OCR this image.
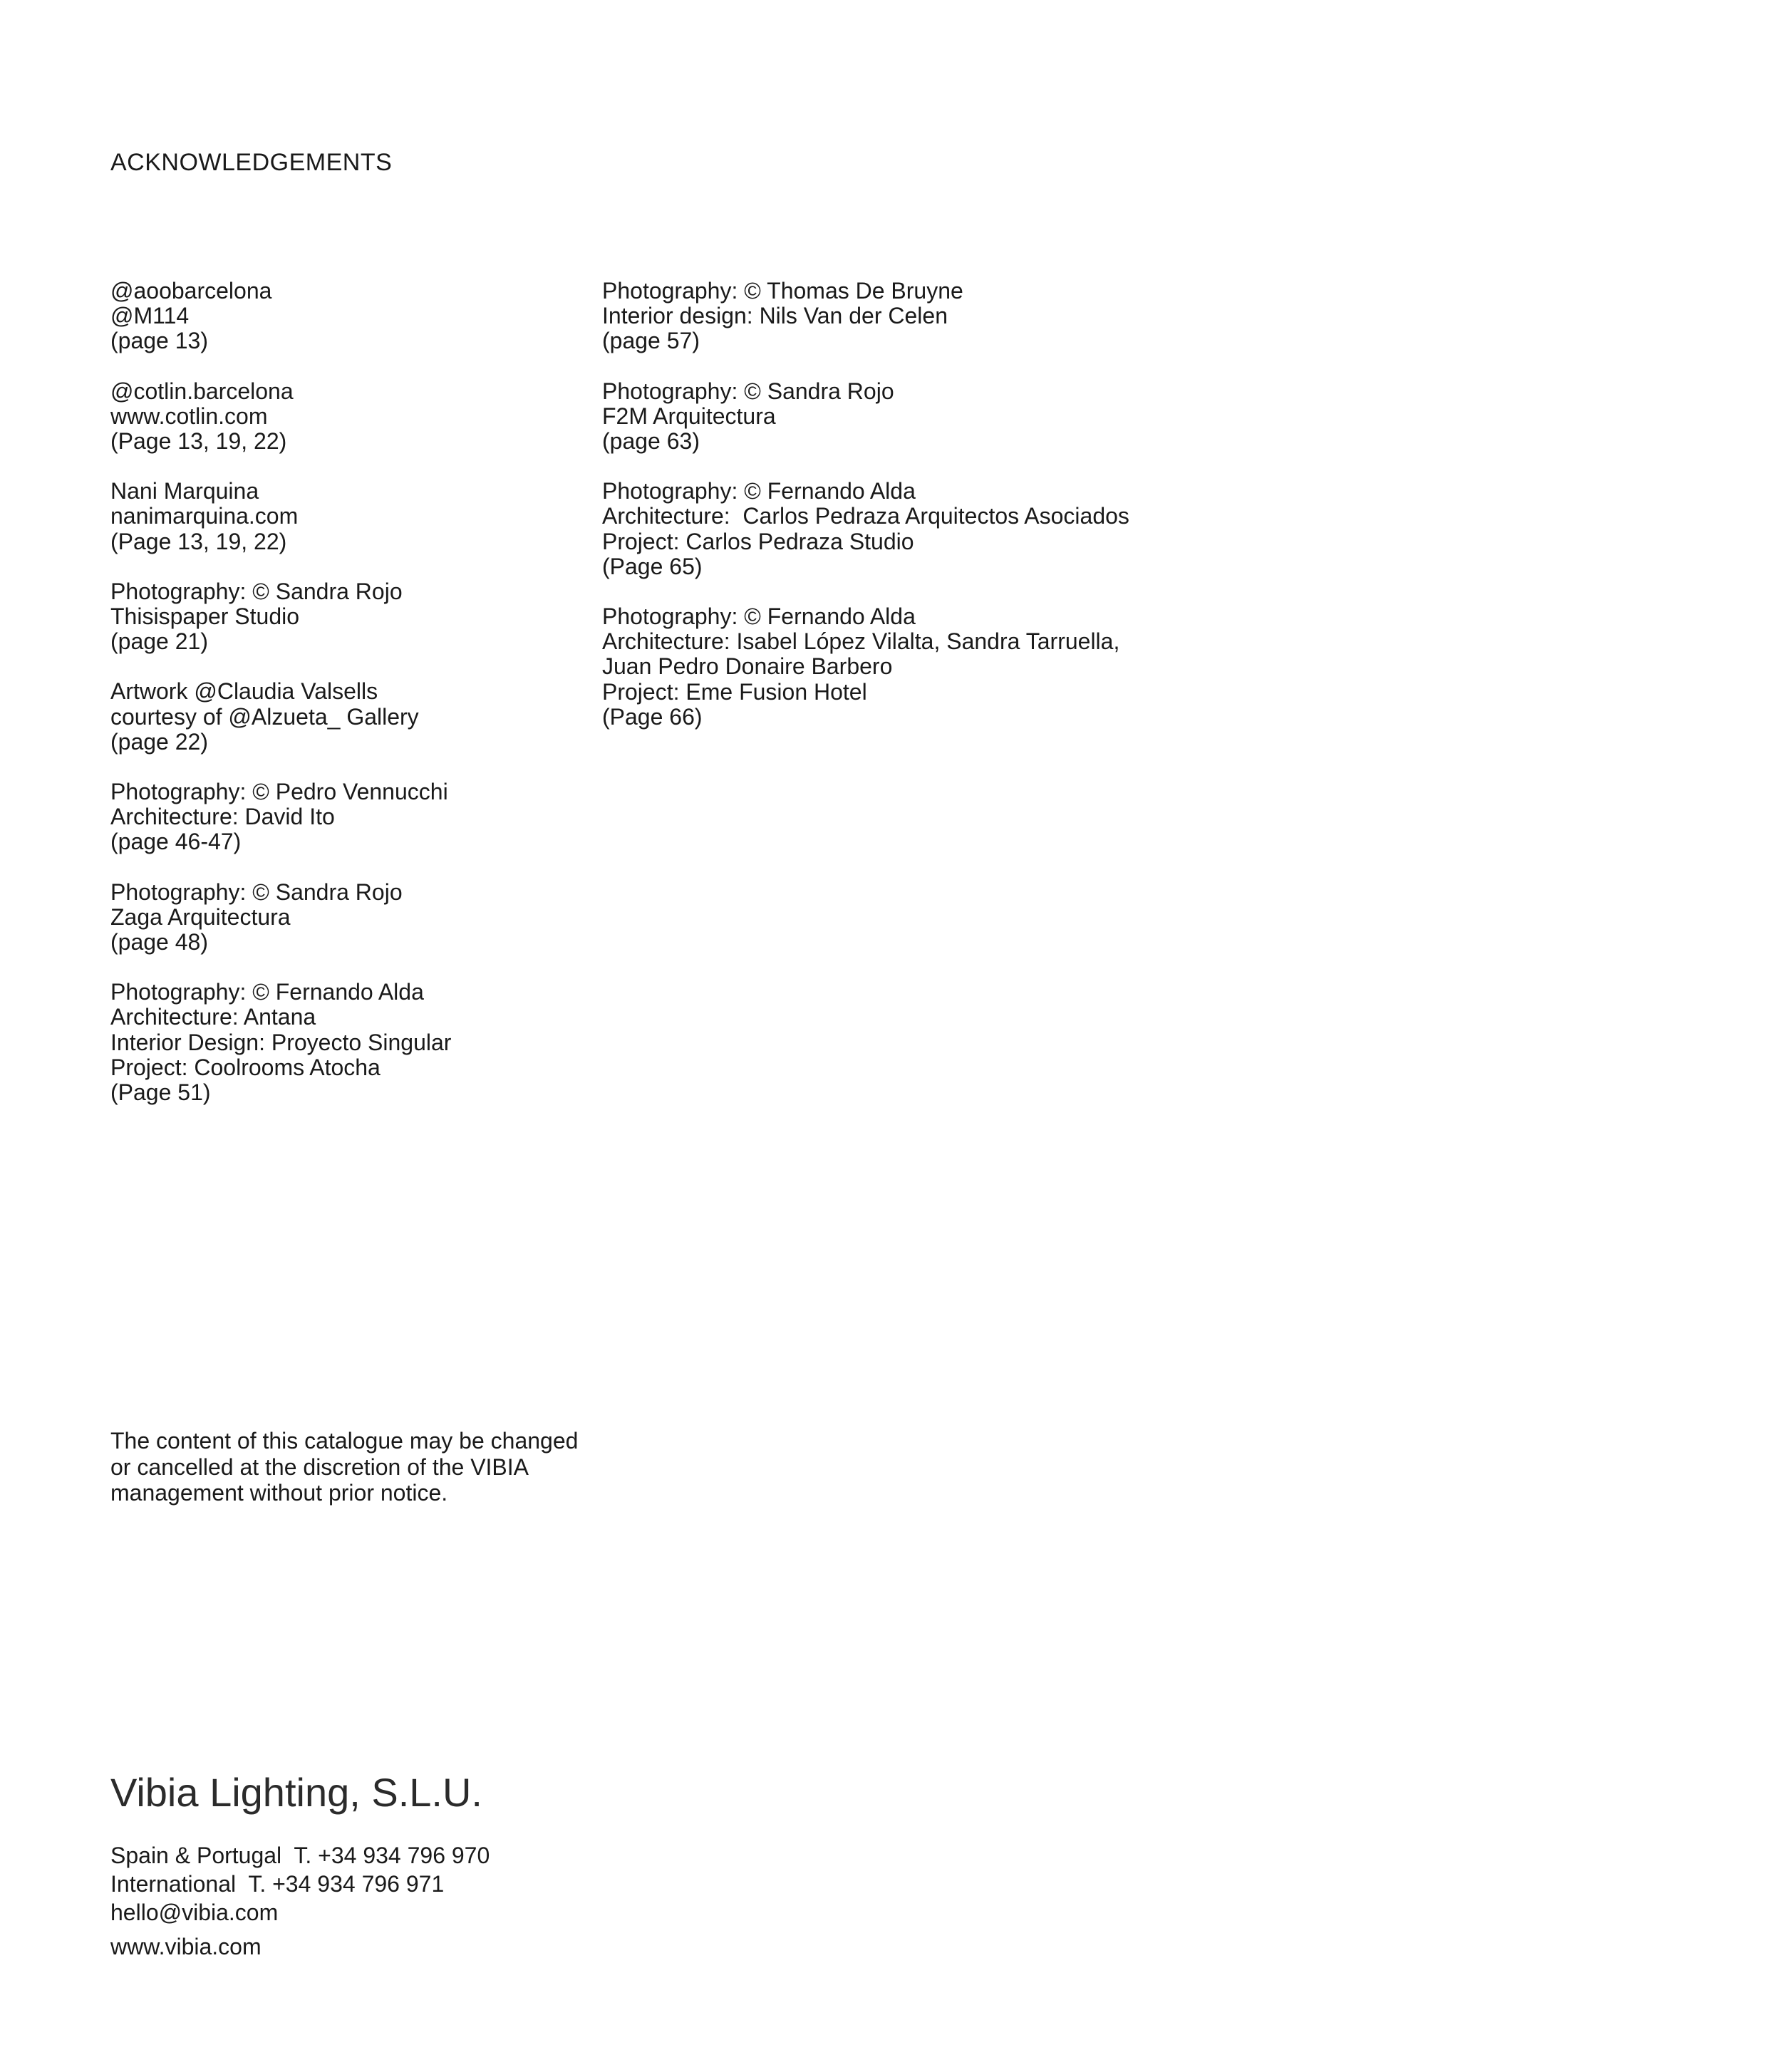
ACKNOWLEDGEMENTS
@aoobarcelona
@M114
(page 13)
@cotlin.barcelona
www.cotlin.com
(Page 13, 19, 22)
Nani Marquina
nanimarquina.com
(Page 13, 19, 22)
Photography: © Sandra Rojo
Thisispaper Studio
(page 21)
Artwork @Claudia Valsells
courtesy of @Alzueta_ Gallery
(page 22)
Photography: © Pedro Vennucchi
Architecture: David Ito
(page 46-47)
Photography: © Sandra Rojo
Zaga Arquitectura
(page 48)
Photography: © Fernando Alda
Architecture: Antana
Interior Design: Proyecto Singular
Project: Coolrooms Atocha
(Page 51)
Photography: © Thomas De Bruyne
Interior design: Nils Van der Celen
(page 57)
Photography: © Sandra Rojo
F2M Arquitectura
(page 63)
Photography: © Fernando Alda
Architecture:  Carlos Pedraza Arquitectos Asociados
Project: Carlos Pedraza Studio
(Page 65)
Photography: © Fernando Alda
Architecture: Isabel López Vilalta, Sandra Tarruella,
Juan Pedro Donaire Barbero
Project: Eme Fusion Hotel
(Page 66)
The content of this catalogue may be changed
or cancelled at the discretion of the VIBIA
management without prior notice.
Vibia Lighting, S.L.U.
Spain & Portugal  T. +34 934 796 970
International  T. +34 934 796 971
hello@vibia.com
www.vibia.com
